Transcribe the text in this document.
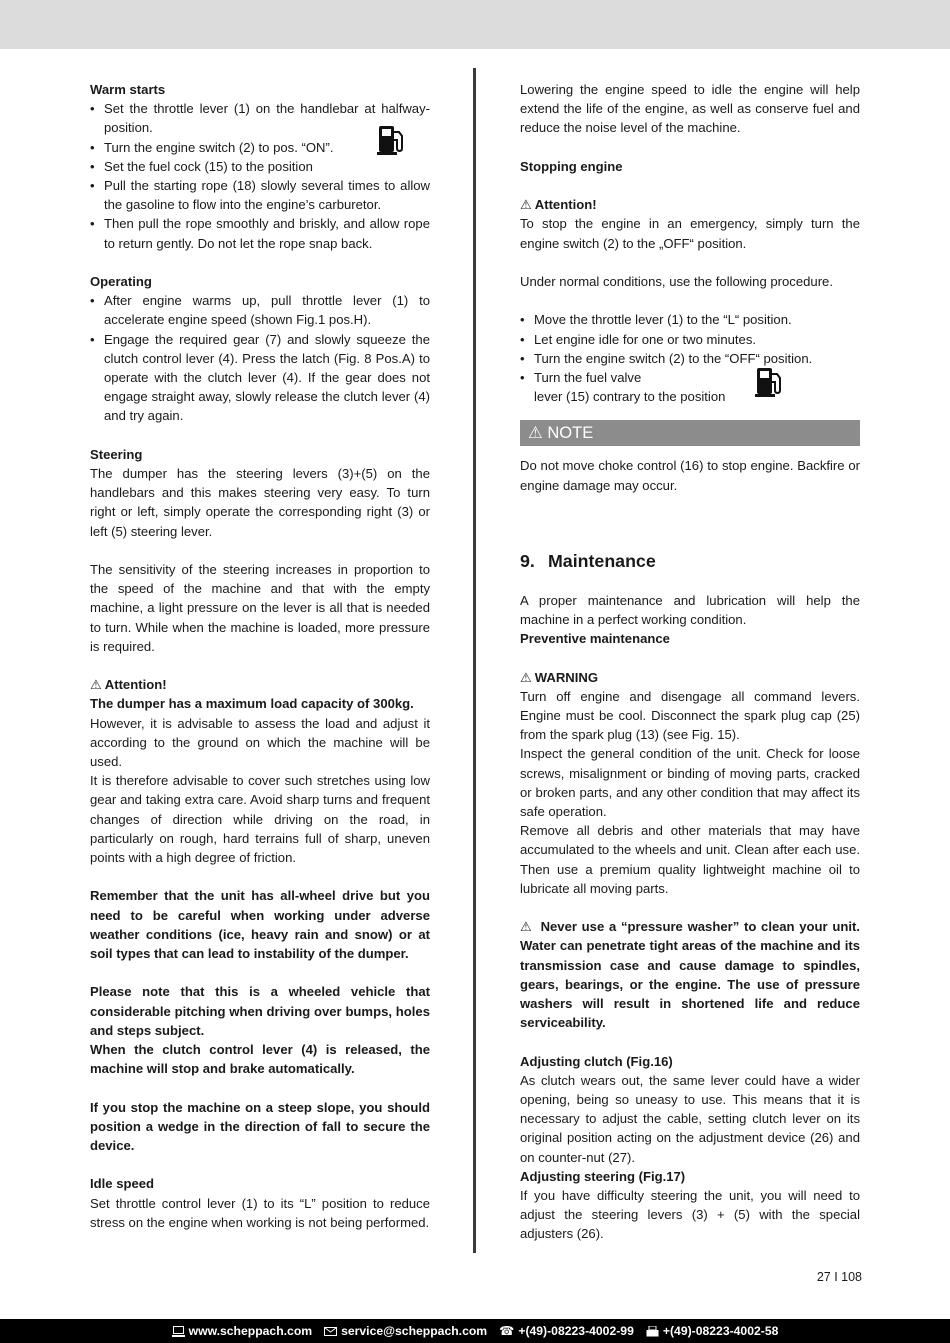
Warm starts

• Set the throttle lever (1) on the handlebar at halfway-position.
• Turn the engine switch (2) to pos. “ON”.
• Set the fuel cock (15) to the position
• Pull the starting rope (18) slowly several times to allow the gasoline to flow into the engine’s carburetor.
• Then pull the rope smoothly and briskly, and allow rope to return gently. Do not let the rope snap back.

Operating

• After engine warms up, pull throttle lever (1) to accelerate engine speed (shown Fig.1 pos.H).
• Engage the required gear (7) and slowly squeeze the clutch control lever (4). Press the latch (Fig. 8 Pos.A) to operate with the clutch lever (4). If the gear does not engage straight away, slowly release the clutch lever (4) and try again.

Steering

The dumper has the steering levers (3)+(5) on the handlebars and this makes steering very easy. To turn right or left, simply operate the corresponding right (3) or left (5) steering lever.

The sensitivity of the steering increases in proportion to the speed of the machine and that with the empty machine, a light pressure on the lever is all that is needed to turn. While when the machine is loaded, more pressure is required.

⚠ Attention!

The dumper has a maximum load capacity of 300kg.

However, it is advisable to assess the load and adjust it according to the ground on which the machine will be used.

It is therefore advisable to cover such stretches using low gear and taking extra care. Avoid sharp turns and frequent changes of direction while driving on the road, in particularly on rough, hard terrains full of sharp, uneven points with a high degree of friction.

Remember that the unit has all-wheel drive but you need to be careful when working under adverse weather conditions (ice, heavy rain and snow) or at soil types that can lead to instability of the dumper.

Please note that this is a wheeled vehicle that considerable pitching when driving over bumps, holes and steps subject.

When the clutch control lever (4) is released, the machine will stop and brake automatically.

If you stop the machine on a steep slope, you should position a wedge in the direction of fall to secure the device.

Idle speed

Set throttle control lever (1) to its “L” position to reduce stress on the engine when working is not being performed.

Lowering the engine speed to idle the engine will help extend the life of the engine, as well as conserve fuel and reduce the noise level of the machine.

Stopping engine

⚠ Attention!

To stop the engine in an emergency, simply turn the engine switch (2) to the „OFF“ position.

Under normal conditions, use the following procedure.

• Move the throttle lever (1) to the “L“ position.
• Let engine idle for one or two minutes.
• Turn the engine switch (2) to the “OFF“ position.
• Turn the fuel valve
lever (15) contrary to the position
⚠ NOTE

Do not move choke control (16) to stop engine. Backfire or engine damage may occur.

9. Maintenance

A proper maintenance and lubrication will help the machine in a perfect working condition.

Preventive maintenance

⚠ WARNING

Turn off engine and disengage all command levers. Engine must be cool. Disconnect the spark plug cap (25) from the spark plug (13) (see Fig. 15).

Inspect the general condition of the unit. Check for loose screws, misalignment or binding of moving parts, cracked or broken parts, and any other condition that may affect its safe operation.

Remove all debris and other materials that may have accumulated to the wheels and unit. Clean after each use. Then use a premium quality lightweight machine oil to lubricate all moving parts.

⚠ Never use a “pressure washer” to clean your unit. Water can penetrate tight areas of the machine and its transmission case and cause damage to spindles, gears, bearings, or the engine. The use of pressure washers will result in shortened life and reduce serviceability.

Adjusting clutch (Fig.16)

As clutch wears out, the same lever could have a wider opening, being so uneasy to use. This means that it is necessary to adjust the cable, setting clutch lever on its original position acting on the adjustment device (26) and on counter-nut (27).

Adjusting steering (Fig.17)

If you have difficulty steering the unit, you will need to adjust the steering levers (3) + (5) with the special adjusters (26).

27 I 108
www.scheppach.com service@scheppach.com ☎ +(49)-08223-4002-99 +(49)-08223-4002-58
